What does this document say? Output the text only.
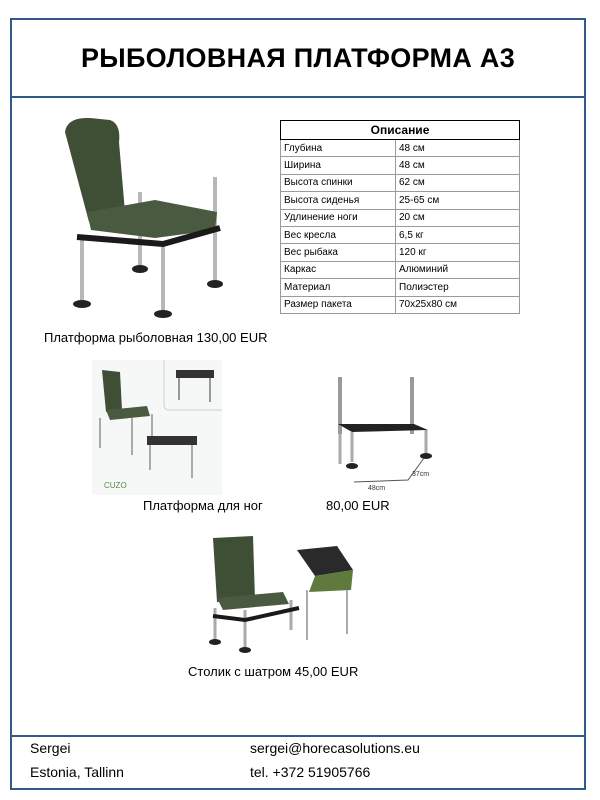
РЫБОЛОВНАЯ ПЛАТФОРМА А3
Описание	
Глубина	48 см
Ширина	48 см
Высота спинки	62 см
Высота сиденья	25-65 см
Удлинение ноги	20 см
Вес кресла	6,5 кг
Вес рыбака	120 кг
Каркас	Алюминий
Материал	Полиэстер
Размер пакета	70х25х80 см
Платформа рыболовная 130,00 EUR
CUZO	48cm
37cm
Платформа для ног	80,00 EUR
Столик с шатром 45,00 EUR
Sergei
Estonia, Tallinn
sergei@horecasolutions.eu
tel. +372 51905766
